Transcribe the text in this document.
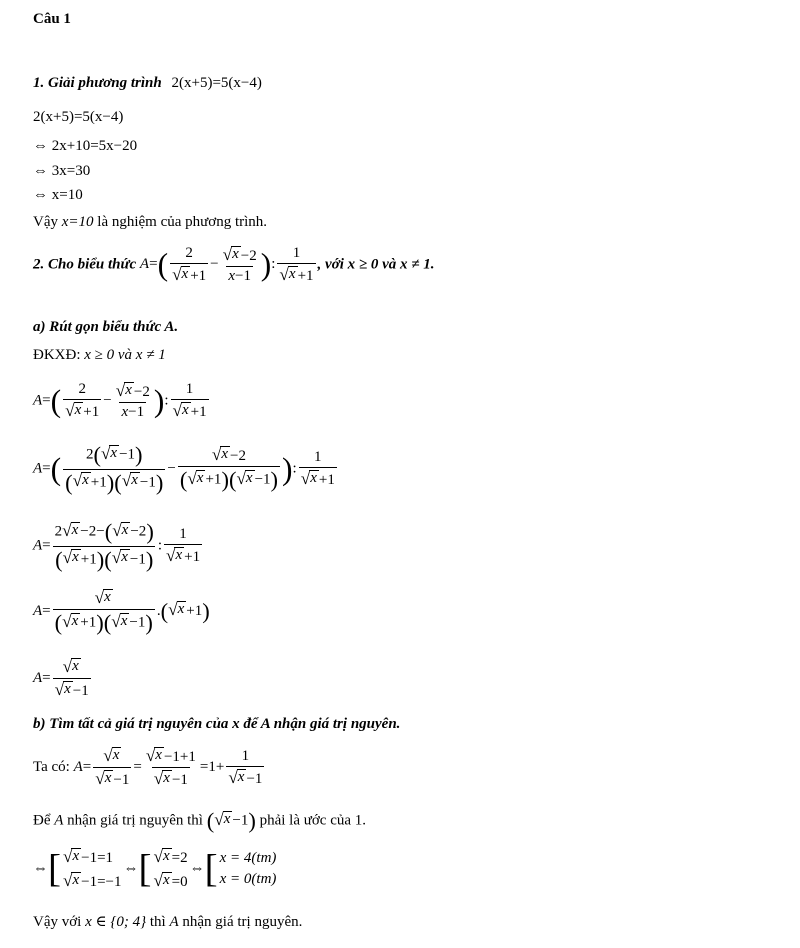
Câu 1
1. Giải phương trình 2(x+5)=5(x−4)
2(x+5)=5(x−4)
⇔ 2x+10=5x−20
⇔ 3x=30
⇔ x=10
Vậy x=10 là nghiệm của phương trình.
2. Cho biểu thức $A=( \frac{2}{√ x +1} - \frac{√ x -2}{x-1}$ ): $\frac{1}{√ x +1}$ , với x ≥ 0 và x ≠ 1.
a) Rút gọn biểu thức A.
ĐKXĐ: x ≥ 0 và x ≠ 1
$A=( \frac{2}{√ x +1} - \frac{√ x -2}{x-1}$ ): $\frac{1}{√ x +1}$
$A=( \frac{2( √ x -1)}{( √ x +1)( √ x -1)} - \frac{√ x -2}{( √ x +1)( √ x -1)}$ ): $\frac{1}{√ x +1}$
$A= \frac{2 √ x -2-( √ x -2)}{( √ x +1)( √ x -1)}$ : $\frac{1}{√ x +1}$
$A= \frac{√ x}{( √ x +1)( √ x -1)}$ .( √ x +1)
$A= \frac{√ x}{√ x -1}$
b) Tìm tất cả giá trị nguyên của x để A nhận giá trị nguyên.
Ta có: $A= \frac{√ x}{√ x -1} = \frac{√ x -1+1}{√ x -1} =1+ \frac{1}{√ x -1}$
Để A nhận giá trị nguyên thì ( √ x −1) phải là ước của 1.
⇔[ √ x −1=1
√ x −1=−1
⇔[ √ x =2
√ x =0
⇔[ x = 4(tm)
x = 0(tm)
Vậy với x ∈ {0; 4} thì A nhận giá trị nguyên.
